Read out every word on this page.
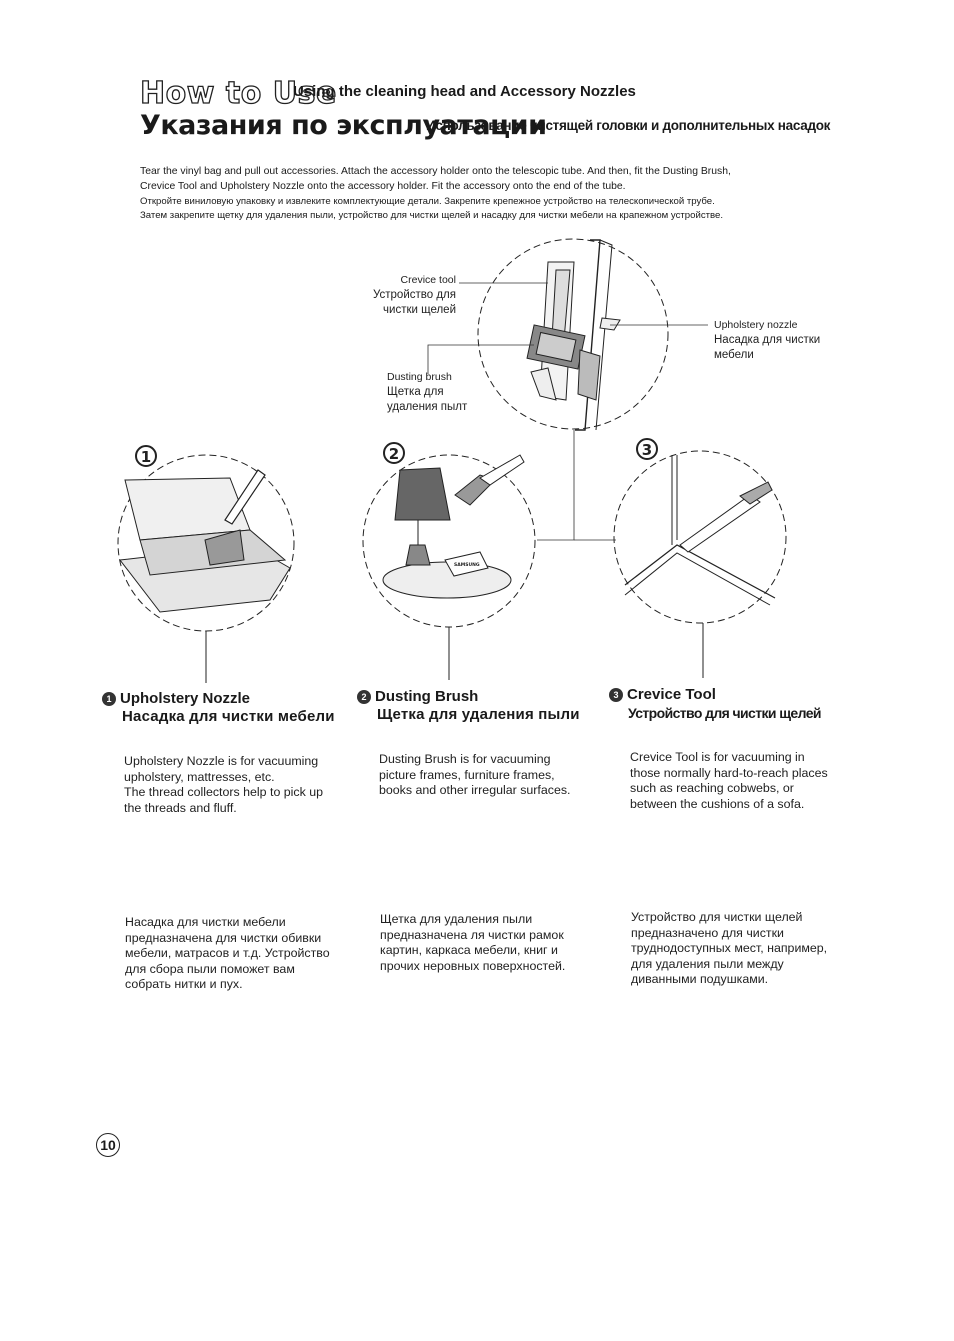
How to Use
Using the cleaning head and Accessory Nozzles
Указания по эксплуатации
Использование чистящей головки и дополнительных насадок
Tear the vinyl bag and pull out accessories. Attach the accessory holder onto the telescopic tube. And then, fit the Dusting Brush,
Crevice Tool and Upholstery Nozzle onto the accessory holder. Fit the accessory onto the end of the tube.
Откройте виниловую упаковку и извлеките комплектующие детали. Закрепите крепежное устройство на телескопической трубе.
Затем закрепите щетку для удаления пыли, устройство для чистки щелей и насадку для чистки мебели на крапежном устройстве.
SAMSUNG
1	2	3
Crevice tool
Устройство для
чистки щелей
Upholstery nozzle
Насадка для чистки
мебели
Dusting brush
Щетка для
удаления пылт
1 Upholstery Nozzle
Насадка для чистки мебели
2 Dusting Brush
Щетка для удаления пыли
3 Crevice Tool
Устройство для чистки щелей
Upholstery Nozzle is for vacuuming
upholstery, mattresses, etc.
The thread collectors help to pick up
the threads and fluff.
Dusting Brush is for vacuuming
picture frames, furniture frames,
books and other irregular surfaces.
Crevice Tool is for vacuuming in
those normally hard-to-reach places
such as reaching cobwebs, or
between the cushions of a sofa.
Насадка для чистки мебели
предназначена для чистки обивки
мебели, матрасов и т.д. Устройство
для сбора пыли поможет вам
собрать нитки и пух.
Щетка для удаления пыли
предназначена ля чистки рамок
картин, каркаса мебели, книг и
прочих неровных поверхностей.
Устройство для чистки щелей
предназначено для чистки
труднодоступных мест, например,
для удаления пыли между
диванными подушками.
10
